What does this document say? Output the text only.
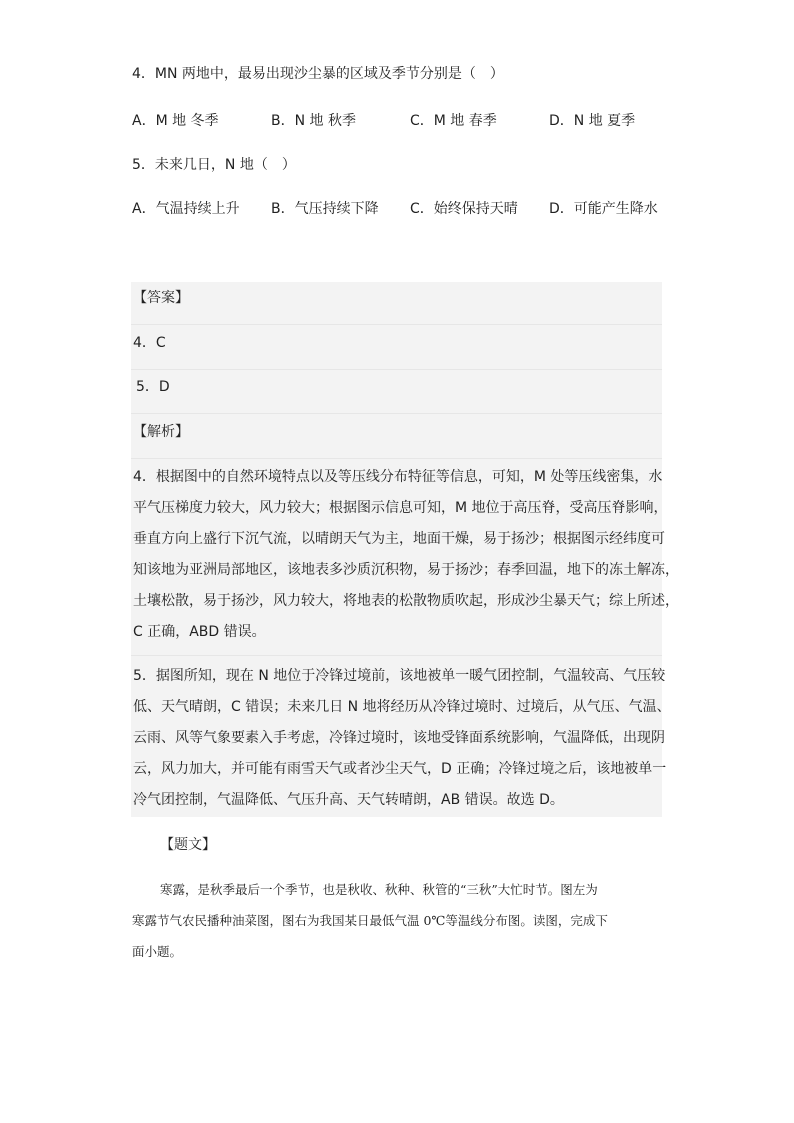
4．MN 两地中，最易出现沙尘暴的区域及季节分别是（　）
A．M 地 冬季	B．N 地 秋季	C．M 地 春季	D．N 地 夏季
5．未来几日，N 地（　）
A．气温持续上升 B．气压持续下降 C．始终保持天晴 D．可能产生降水
【答案】
4．C
5．D
【解析】
4．根据图中的自然环境特点以及等压线分布特征等信息，可知，M 处等压线密集，水
平气压梯度力较大，风力较大；根据图示信息可知，M 地位于高压脊，受高压脊影响，
垂直方向上盛行下沉气流，以晴朗天气为主，地面干燥，易于扬沙；根据图示经纬度可
知该地为亚洲局部地区，该地表多沙质沉积物，易于扬沙；春季回温，地下的冻土解冻，
土壤松散，易于扬沙，风力较大，将地表的松散物质吹起，形成沙尘暴天气；综上所述，
C 正确，ABD 错误。
5．据图所知，现在 N 地位于冷锋过境前，该地被单一暖气团控制，气温较高、气压较
低、天气晴朗，C 错误；未来几日 N 地将经历从冷锋过境时、过境后，从气压、气温、
云雨、风等气象要素入手考虑，冷锋过境时，该地受锋面系统影响，气温降低，出现阴
云，风力加大，并可能有雨雪天气或者沙尘天气，D 正确；冷锋过境之后，该地被单一
冷气团控制，气温降低、气压升高、天气转晴朗，AB 错误。故选 D。
【题文】
寒露，是秋季最后一个季节，也是秋收、秋种、秋管的“三秋”大忙时节。图左为
寒露节气农民播种油菜图，图右为我国某日最低气温 0℃等温线分布图。读图，完成下
面小题。
